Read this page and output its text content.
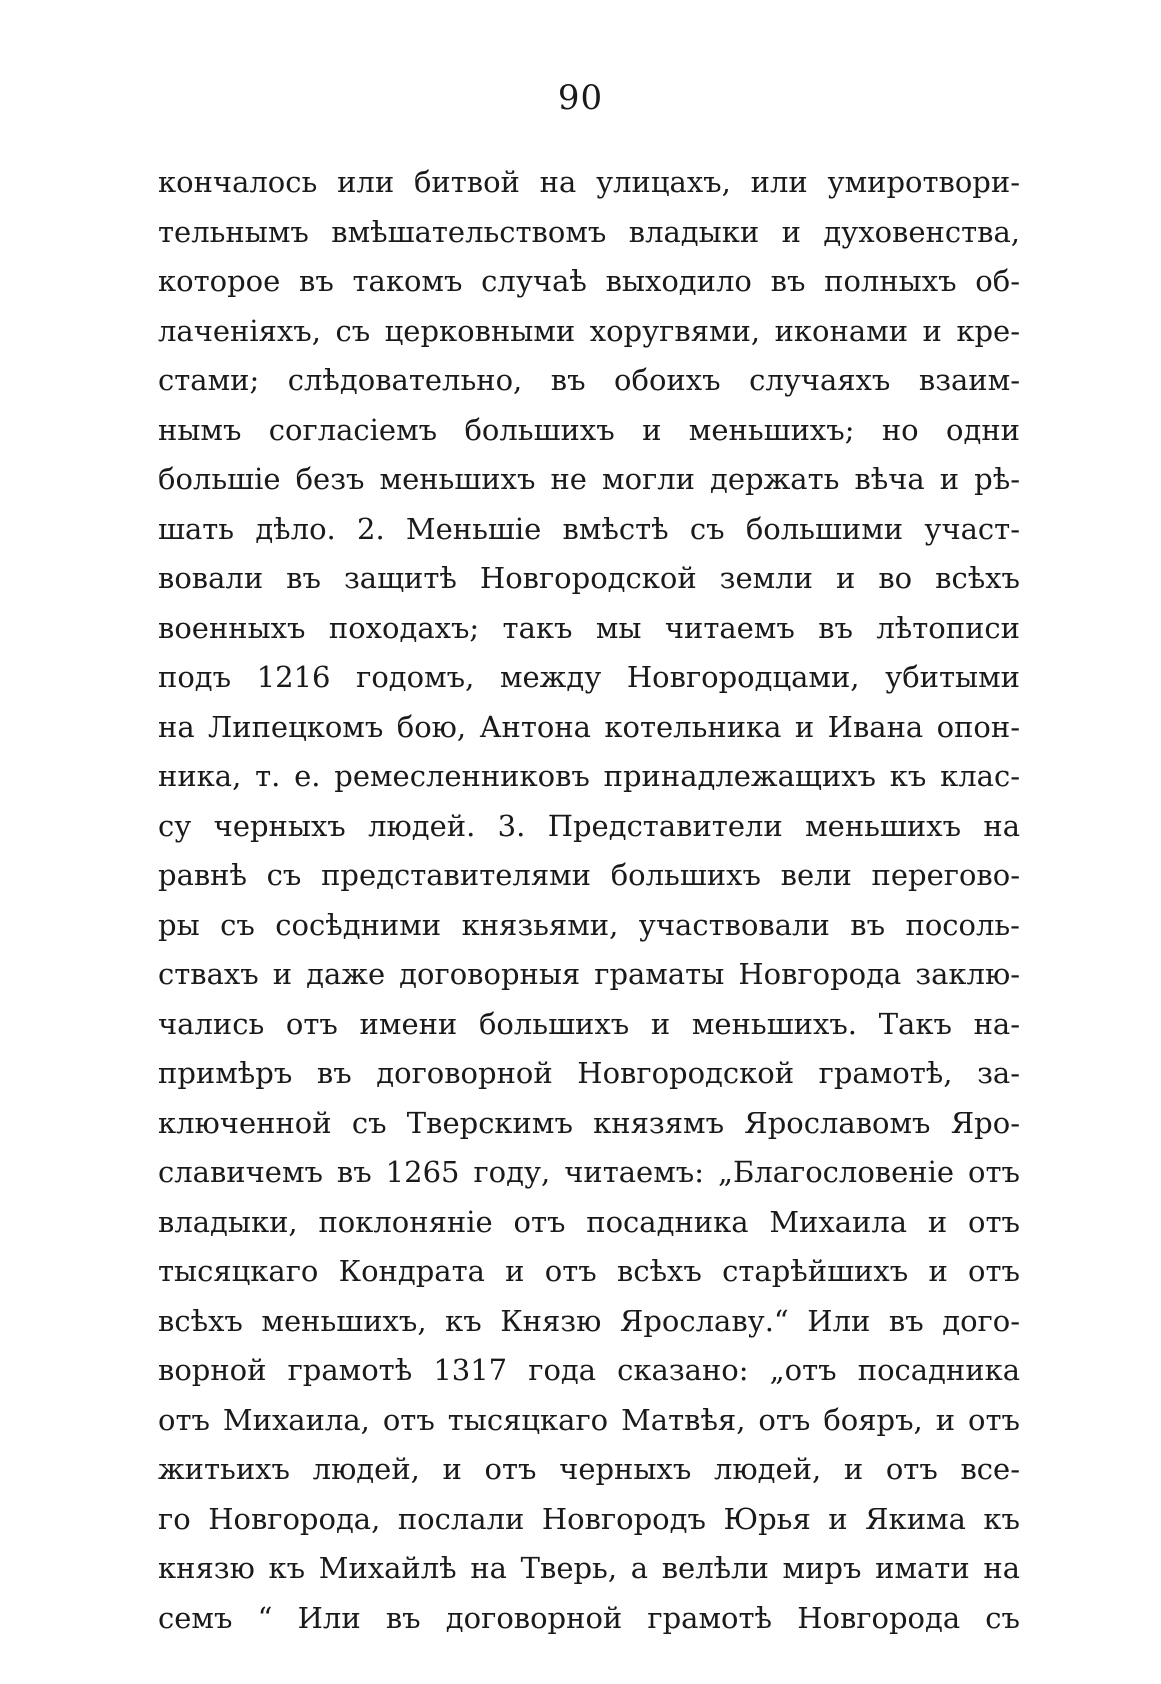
90
кончалось или битвой на улицахъ, или умиротвори-
тельнымъ вмѣшательствомъ владыки и духовенства,
которое въ такомъ случаѣ выходило въ полныхъ об-
лаченiяхъ, съ церковными хоругвями, иконами и кре-
стами; слѣдовательно, въ обоихъ случаяхъ взаим-
нымъ согласiемъ большихъ и меньшихъ; но одни
большiе безъ меньшихъ не могли держать вѣча и рѣ-
шать дѣло. 2. Меньшiе вмѣстѣ съ большими участ-
вовали въ защитѣ Новгородской земли и во всѣхъ
военныхъ походахъ; такъ мы читаемъ въ лѣтописи
подъ 1216 годомъ, между Новгородцами, убитыми
на Липецкомъ бою, Антона котельника и Ивана опон-
ника, т. е. ремесленниковъ принадлежащихъ къ клас-
су черныхъ людей. 3. Представители меньшихъ на
равнѣ съ представителями большихъ вели перегово-
ры съ сосѣдними князьями, участвовали въ посоль-
ствахъ и даже договорныя граматы Новгорода заклю-
чались отъ имени большихъ и меньшихъ. Такъ на-
примѣръ въ договорной Новгородской грамотѣ, за-
ключенной съ Тверскимъ князямъ Ярославомъ Яро-
славичемъ въ 1265 году, читаемъ: „Благословенiе отъ
владыки, поклонянiе отъ посадника Михаила и отъ
тысяцкаго Кондрата и отъ всѣхъ старѣйшихъ и отъ
всѣхъ меньшихъ, къ Князю Ярославу.“ Или въ дого-
ворной грамотѣ 1317 года сказано: „отъ посадника
отъ Михаила, отъ тысяцкаго Матвѣя, отъ бояръ, и отъ
житьихъ людей, и отъ черныхъ людей, и отъ все-
го Новгорода, послали Новгородъ Юрья и Якима къ
князю къ Михайлѣ на Тверь, а велѣли миръ имати на
семъ “ Или въ договорной грамотѣ Новгорода съ
